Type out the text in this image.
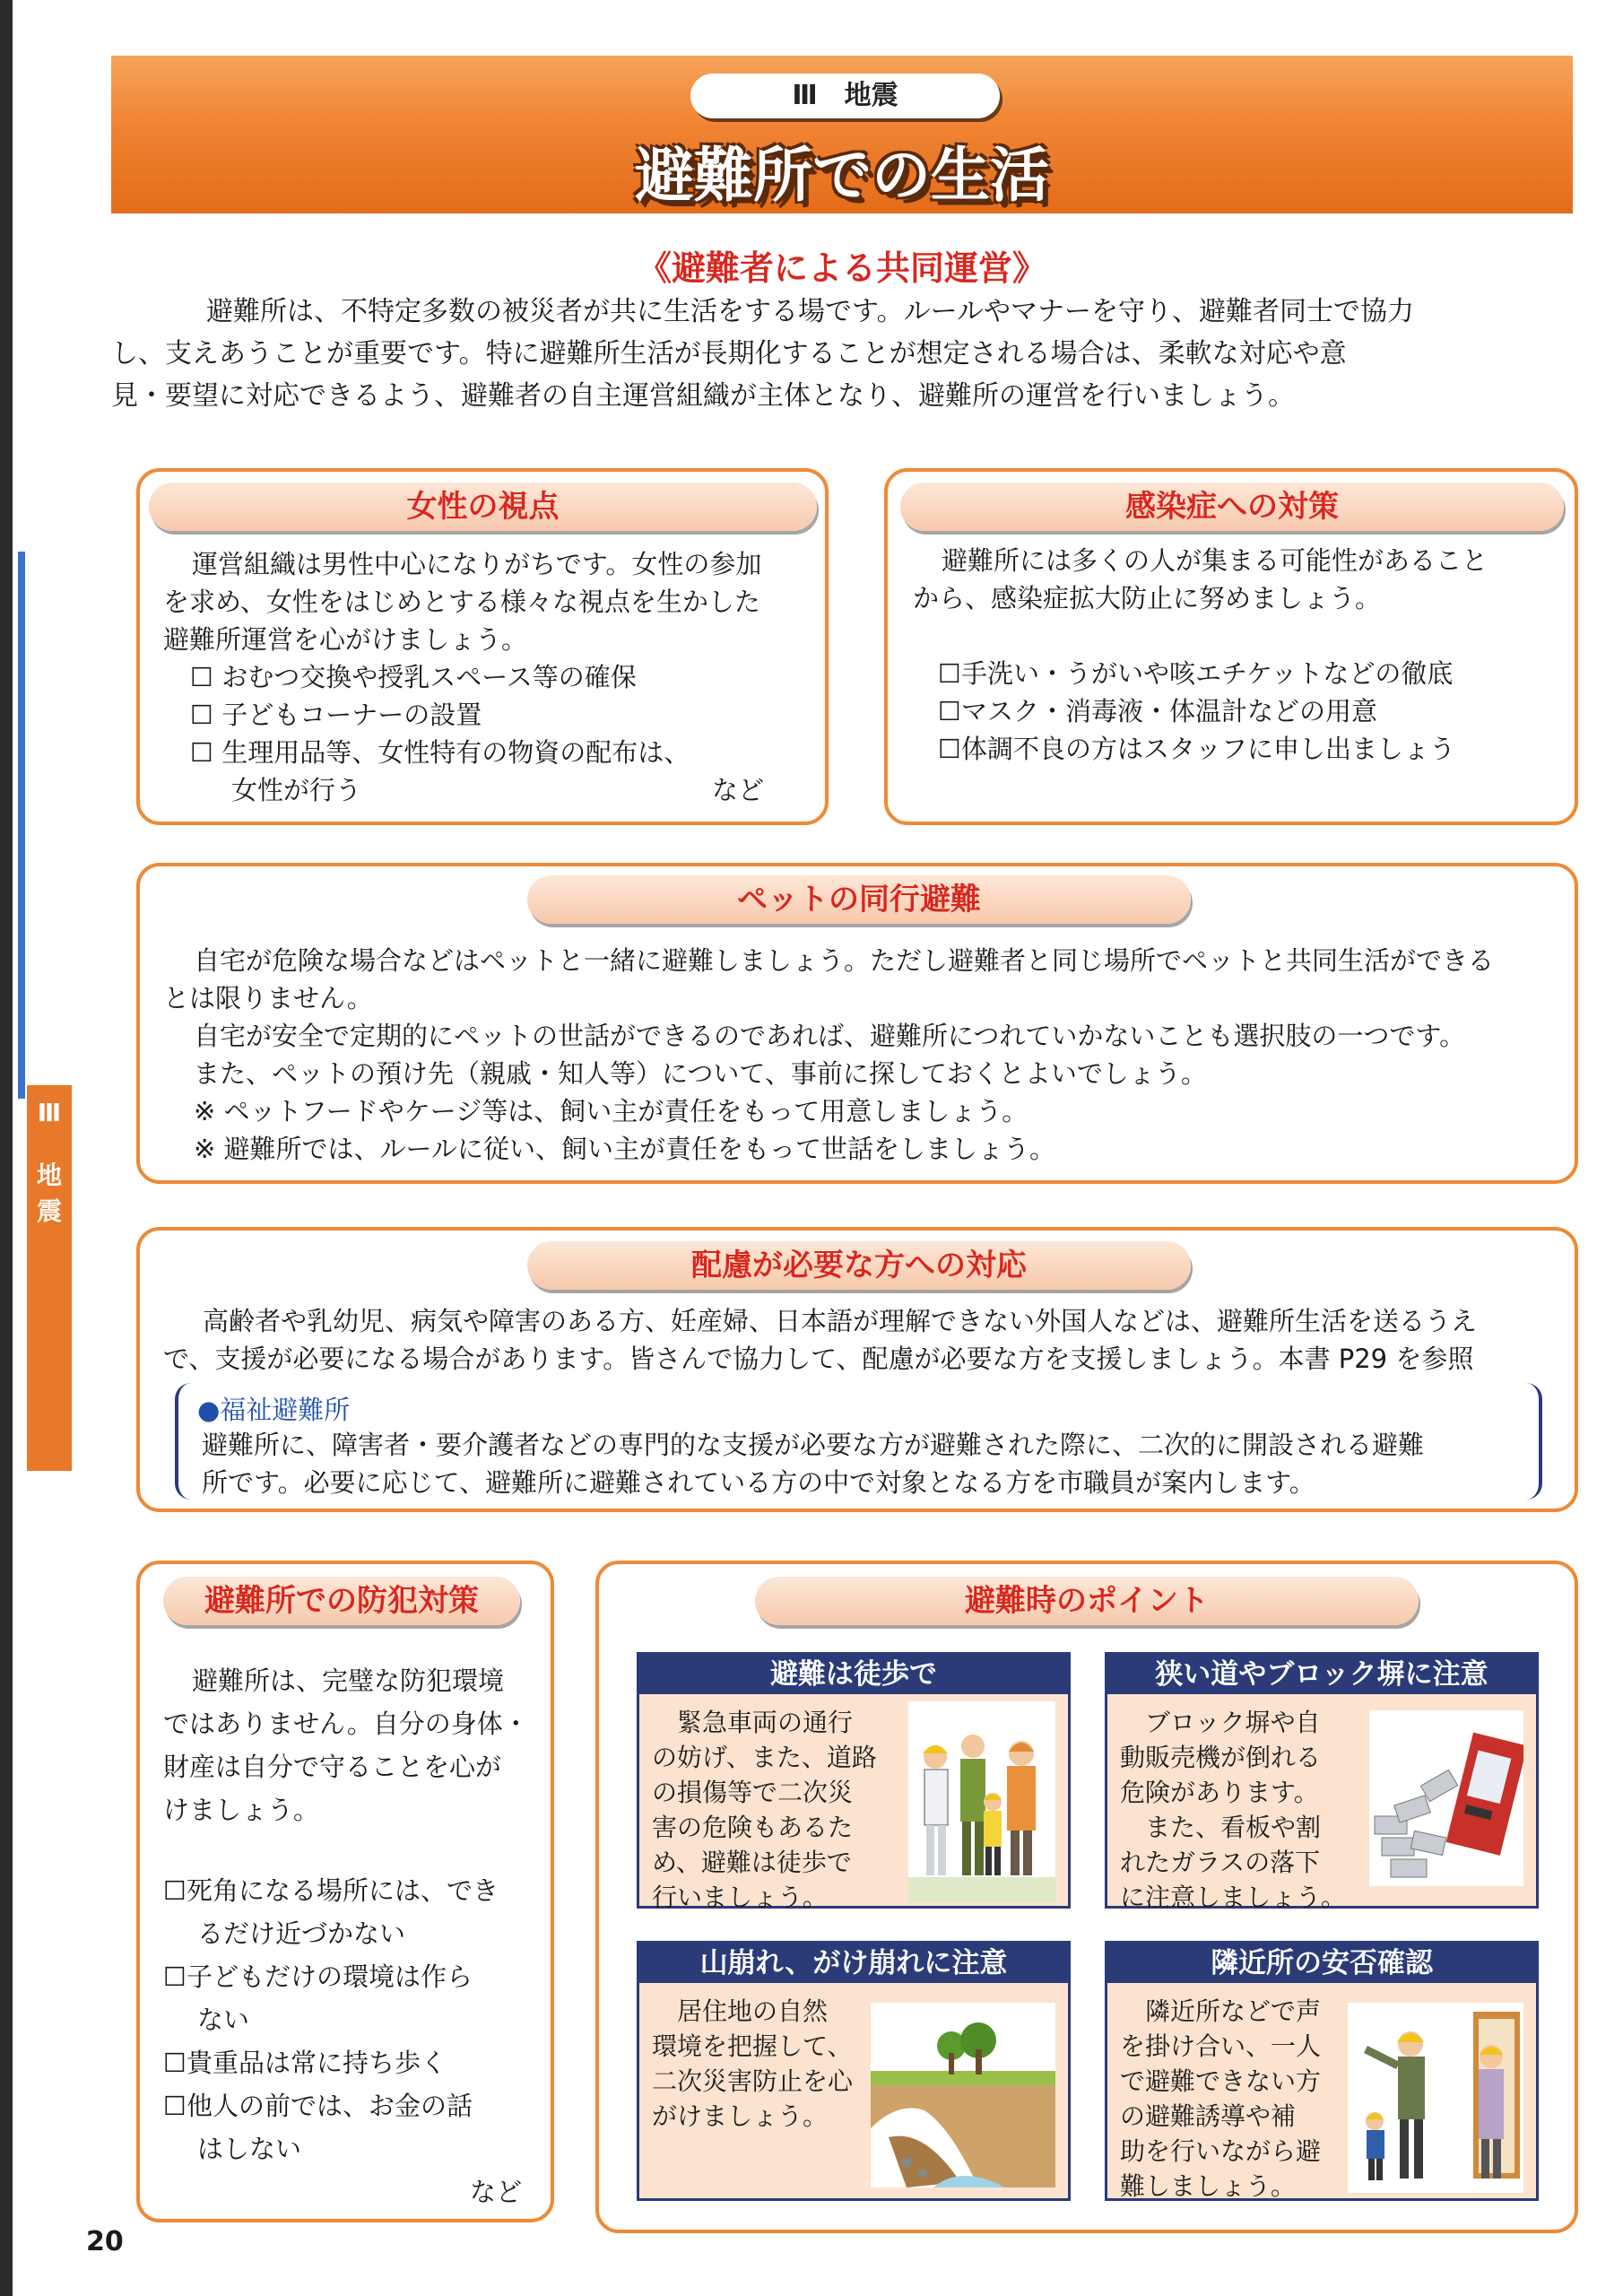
Ⅲ
地
震
Ⅲ　地震
避難所での生活
《避難者による共同運営》
避難所は、不特定多数の被災者が共に生活をする場です。ルールやマナーを守り、避難者同士で協力
し、支えあうことが重要です。特に避難所生活が長期化することが想定される場合は、柔軟な対応や意
見・要望に対応できるよう、避難者の自主運営組織が主体となり、避難所の運営を行いましょう。
女性の視点
運営組織は男性中心になりがちです。女性の参加
を求め、女性をはじめとする様々な視点を生かした
避難所運営を心がけましょう。
☐ おむつ交換や授乳スペース等の確保
☐ 子どもコーナーの設置
☐ 生理用品等、女性特有の物資の配布は、
女性が行う	など
感染症への対策
避難所には多くの人が集まる可能性があること
から、感染症拡大防止に努めましょう。
☐手洗い・うがいや咳エチケットなどの徹底
☐マスク・消毒液・体温計などの用意
☐体調不良の方はスタッフに申し出ましょう
ペットの同行避難
自宅が危険な場合などはペットと一緒に避難しましょう。ただし避難者と同じ場所でペットと共同生活ができる
とは限りません。
自宅が安全で定期的にペットの世話ができるのであれば、避難所につれていかないことも選択肢の一つです。
また、ペットの預け先（親戚・知人等）について、事前に探しておくとよいでしょう。
※ ペットフードやケージ等は、飼い主が責任をもって用意しましょう。
※ 避難所では、ルールに従い、飼い主が責任をもって世話をしましょう。
配慮が必要な方への対応
高齢者や乳幼児、病気や障害のある方、妊産婦、日本語が理解できない外国人などは、避難所生活を送るうえ
で、支援が必要になる場合があります。皆さんで協力して、配慮が必要な方を支援しましょう。本書 P29 を参照
●福祉避難所
避難所に、障害者・要介護者などの専門的な支援が必要な方が避難された際に、二次的に開設される避難
所です。必要に応じて、避難所に避難されている方の中で対象となる方を市職員が案内します。
避難所での防犯対策
避難所は、完璧な防犯環境
ではありません。自分の身体・
財産は自分で守ることを心が
けましょう。
☐死角になる場所には、でき
るだけ近づかない
☐子どもだけの環境は作ら
ない
☐貴重品は常に持ち歩く
☐他人の前では、お金の話
はしない
など
避難時のポイント
避難は徒歩で
緊急車両の通行
の妨げ、また、道路
の損傷等で二次災
害の危険もあるた
め、避難は徒歩で
行いましょう。
狭い道やブロック塀に注意
ブロック塀や自
動販売機が倒れる
危険があります。
また、看板や割
れたガラスの落下
に注意しましょう。
山崩れ、がけ崩れに注意
居住地の自然
環境を把握して、
二次災害防止を心
がけましょう。
隣近所の安否確認
隣近所などで声
を掛け合い、一人
で避難できない方
の避難誘導や補
助を行いながら避
難しましょう。
20
